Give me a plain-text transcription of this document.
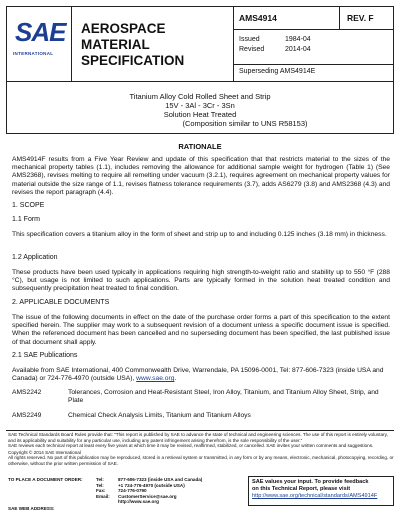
SAE
INTERNATIONAL
AEROSPACE MATERIAL
SPECIFICATION
AMS4914	REV. F
Issued	1984-04
Revised	2014-04
Superseding AMS4914E
Titanium Alloy Cold Rolled Sheet and Strip
15V - 3Al - 3Cr - 3Sn
Solution Heat Treated
(Composition similar to UNS R58153)
RATIONALE
AMS4914F results from a Five Year Review and update of this specification that that restricts material to the sizes of the mechanical property tables (1.1), includes removing the allowance for additional sample weight for hydrogen (Table 1) (See AMS2368), revises melting to require all remelting under vacuum (3.2.1), requires agreement on mechanical property values for material outside the size range of 1.1, revises flatness tolerance requirements (3.7), adds AS6279 (3.8) and AMS2368 (4.3) and revises the report paragraph (4.4).
1. SCOPE
1.1 Form
This specification covers a titanium alloy in the form of sheet and strip up to and including 0.125 inches (3.18 mm) in thickness.
1.2 Application
These products have been used typically in applications requiring high strength-to-weight ratio and stability up to 550 °F (288 °C), but usage is not limited to such applications. Parts are typically formed in the solution heat treated condition and subsequently precipitation heat treated to final condition.
2. APPLICABLE DOCUMENTS
The issue of the following documents in effect on the date of the purchase order forms a part of this specification to the extent specified herein. The supplier may work to a subsequent revision of a document unless a specific document issue is specified. When the referenced document has been cancelled and no superseding document has been specified, the last published issue of that document shall apply.
2.1 SAE Publications
Available from SAE International, 400 Commonwealth Drive, Warrendale, PA 15096-0001, Tel: 877-606-7323 (inside USA and Canada) or 724-776-4970 (outside USA), www.sae.org.
AMS2242	Tolerances, Corrosion and Heat-Resistant Steel, Iron Alloy, Titanium, and Titanium Alloy Sheet, Strip, and Plate
AMS2249	Chemical Check Analysis Limits, Titanium and Titanium Alloys
SAE Technical Standards Board Rules provide that: "This report is published by SAE to advance the state of technical and engineering sciences. The use of this report is entirely voluntary, and its applicability and suitability for any particular use, including any patent infringement arising therefrom, is the sole responsibility of the user."
SAE reviews each technical report at least every five years at which time it may be revised, reaffirmed, stabilized, or cancelled. SAE invites your written comments and suggestions.
Copyright © 2014 SAE International
All rights reserved. No part of this publication may be reproduced, stored in a retrieval system or transmitted, in any form or by any means, electronic, mechanical, photocopying, recording, or otherwise, without the prior written permission of SAE.
TO PLACE A DOCUMENT ORDER:
SAE WEB ADDRESS:
Tel:	877-606-7323 (inside USA and Canada)
Tel:	+1 724-776-4970 (outside USA)
Fax:	724-776-0790
Email: CustomerService@sae.org
http://www.sae.org
SAE values your input. To provide feedback
on this Technical Report, please visit
http://www.sae.org/technical/standards/AMS4914F
